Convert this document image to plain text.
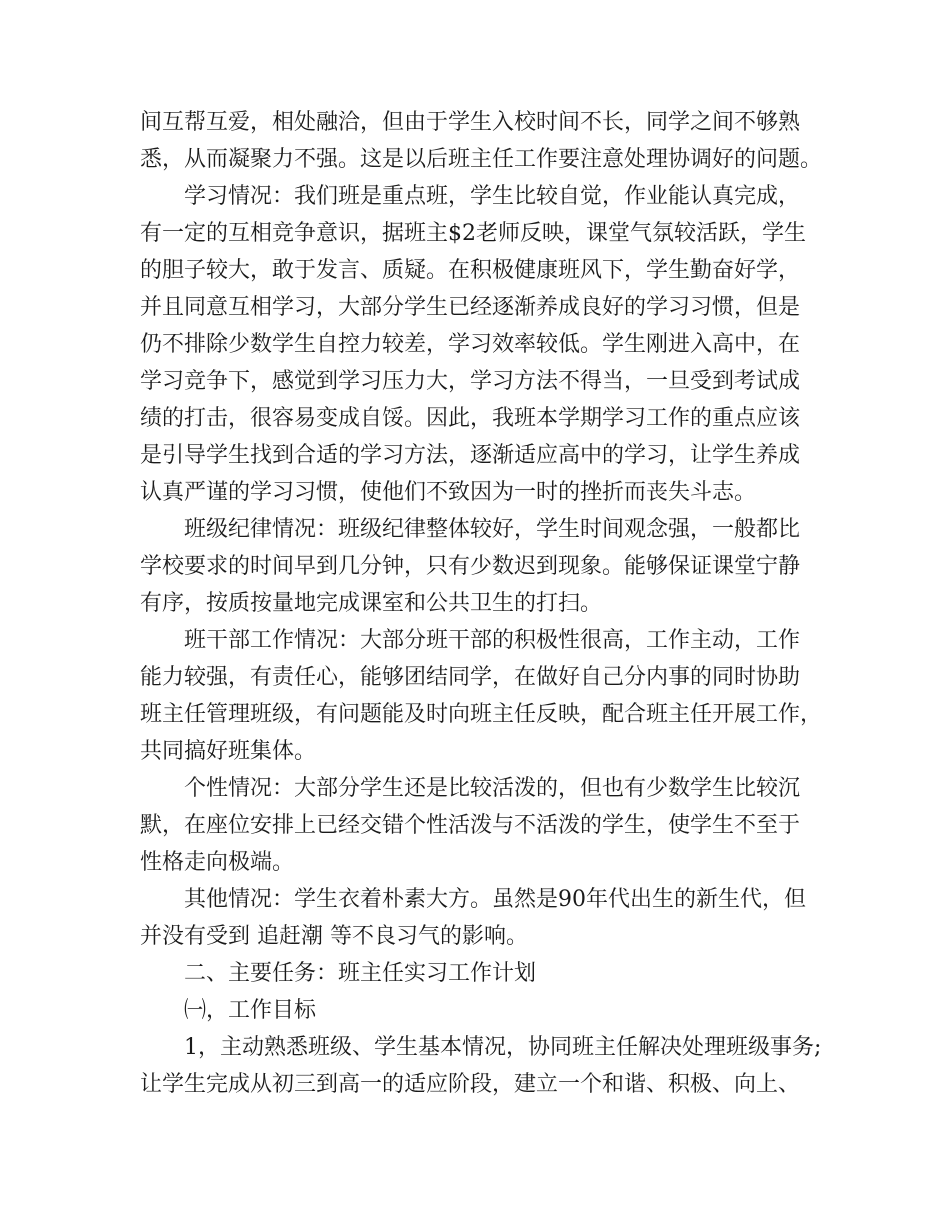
间互帮互爱，相处融洽，但由于学生入校时间不长，同学之间不够熟
悉，从而凝聚力不强。这是以后班主任工作要注意处理协调好的问题。
　　学习情况：我们班是重点班，学生比较自觉，作业能认真完成，
有一定的互相竞争意识，据班主$2老师反映，课堂气氛较活跃，学生
的胆子较大，敢于发言、质疑。在积极健康班风下，学生勤奋好学，
并且同意互相学习，大部分学生已经逐渐养成良好的学习习惯，但是
仍不排除少数学生自控力较差，学习效率较低。学生刚进入高中，在
学习竞争下，感觉到学习压力大，学习方法不得当，一旦受到考试成
绩的打击，很容易变成自馁。因此，我班本学期学习工作的重点应该
是引导学生找到合适的学习方法，逐渐适应高中的学习，让学生养成
认真严谨的学习习惯，使他们不致因为一时的挫折而丧失斗志。
　　班级纪律情况：班级纪律整体较好，学生时间观念强，一般都比
学校要求的时间早到几分钟，只有少数迟到现象。能够保证课堂宁静
有序，按质按量地完成课室和公共卫生的打扫。
　　班干部工作情况：大部分班干部的积极性很高，工作主动，工作
能力较强，有责任心，能够团结同学，在做好自己分内事的同时协助
班主任管理班级，有问题能及时向班主任反映，配合班主任开展工作，
共同搞好班集体。
　　个性情况：大部分学生还是比较活泼的，但也有少数学生比较沉
默，在座位安排上已经交错个性活泼与不活泼的学生，使学生不至于
性格走向极端。
　　其他情况：学生衣着朴素大方。虽然是90年代出生的新生代，但
并没有受到 追赶潮 等不良习气的影响。
　　二、主要任务：班主任实习工作计划
　　㈠，工作目标
　　1，主动熟悉班级、学生基本情况，协同班主任解决处理班级事务;
让学生完成从初三到高一的适应阶段，建立一个和谐、积极、向上、
